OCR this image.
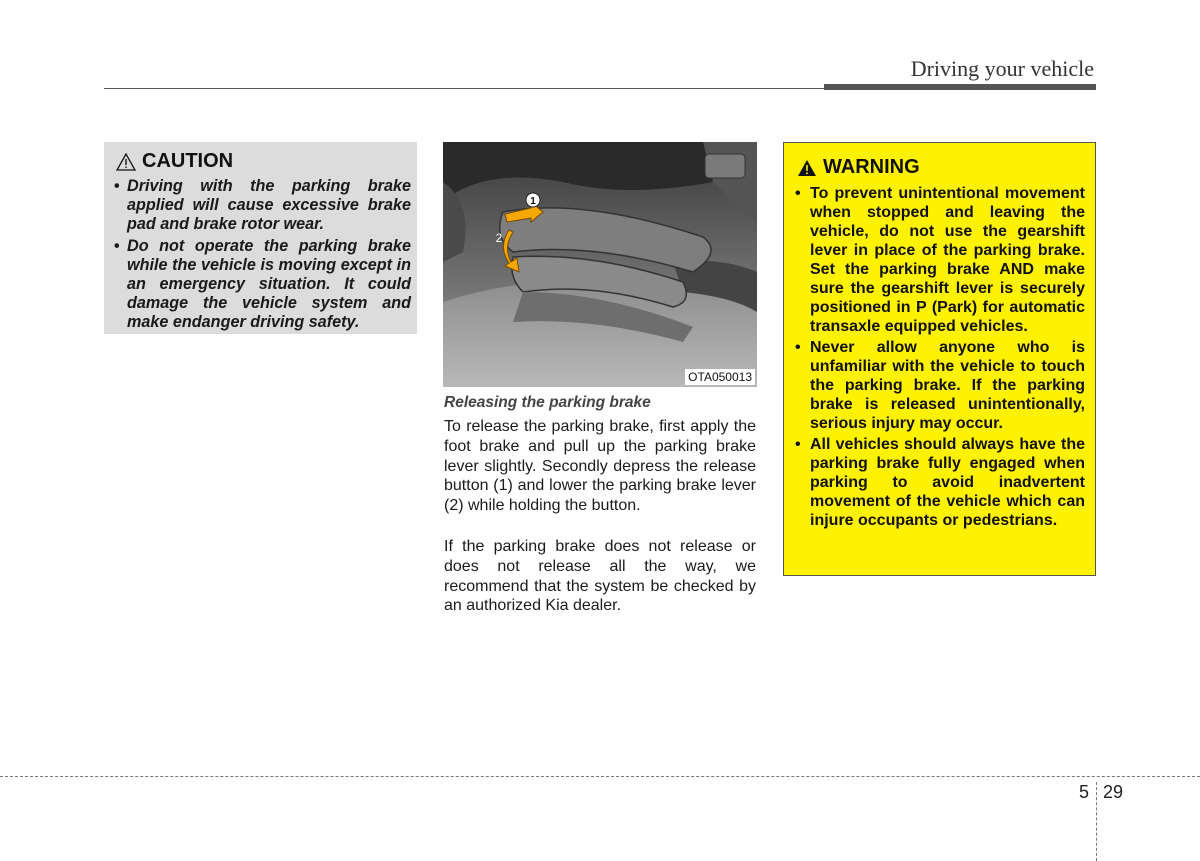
Driving your vehicle
CAUTION
• Driving with the parking brake applied will cause excessive brake pad and brake rotor wear.
• Do not operate the parking brake while the vehicle is moving except in an emergency situation. It could damage the vehicle system and make endanger driving safety.
1
2
OTA050013
Releasing the parking brake

To release the parking brake, first apply the foot brake and pull up the parking brake lever slightly. Secondly depress the release button (1) and lower the parking brake lever (2) while holding the button.

If the parking brake does not release or does not release all the way, we recommend that the system be checked by an authorized Kia dealer.

WARNING
• To prevent unintentional movement when stopped and leaving the vehicle, do not use the gearshift lever in place of the parking brake. Set the parking brake AND make sure the gearshift lever is securely positioned in P (Park) for automatic transaxle equipped vehicles.
• Never allow anyone who is unfamiliar with the vehicle to touch the parking brake. If the parking brake is released unintentionally, serious injury may occur.
• All vehicles should always have the parking brake fully engaged when parking to avoid inadvertent movement of the vehicle which can injure occupants or pedestrians.
5 29
